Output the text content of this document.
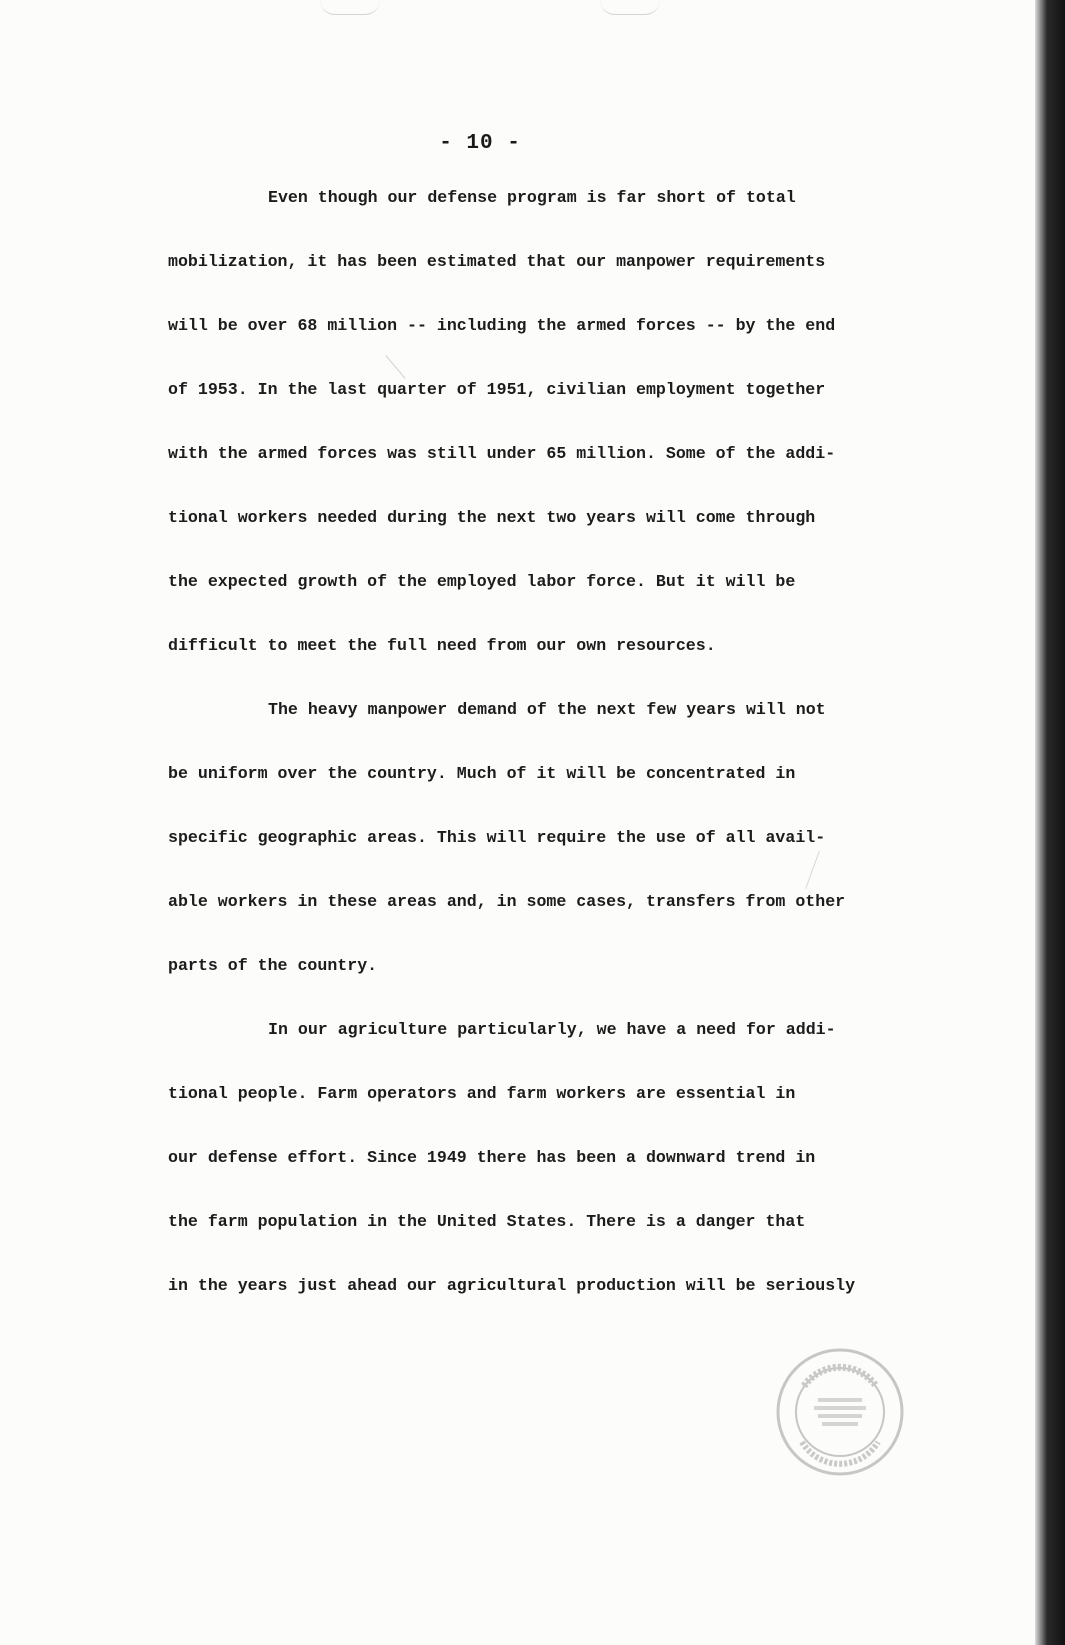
- 10 -
Even though our defense program is far short of total
mobilization, it has been estimated that our manpower requirements
will be over 68 million -- including the armed forces -- by the end
of 1953. In the last quarter of 1951, civilian employment together
with the armed forces was still under 65 million. Some of the addi-
tional workers needed during the next two years will come through
the expected growth of the employed labor force. But it will be
difficult to meet the full need from our own resources.
The heavy manpower demand of the next few years will not
be uniform over the country. Much of it will be concentrated in
specific geographic areas. This will require the use of all avail-
able workers in these areas and, in some cases, transfers from other
parts of the country.
In our agriculture particularly, we have a need for addi-
tional people. Farm operators and farm workers are essential in
our defense effort. Since 1949 there has been a downward trend in
the farm population in the United States. There is a danger that
in the years just ahead our agricultural production will be seriously
